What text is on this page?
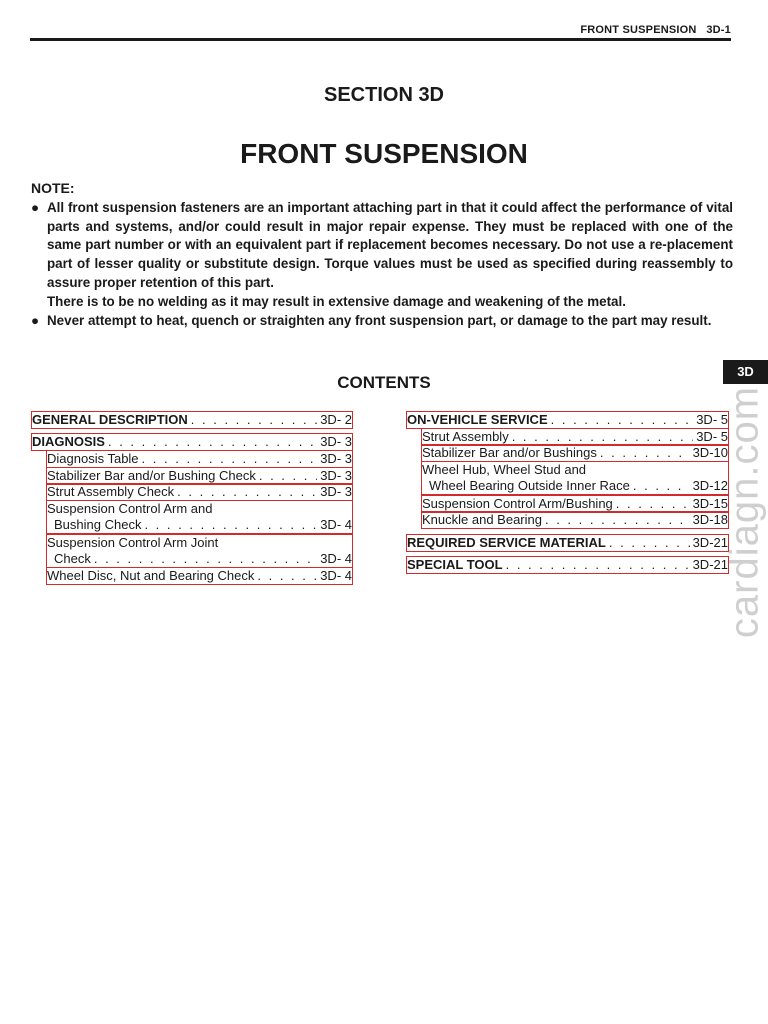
FRONT SUSPENSION   3D-1
SECTION 3D
FRONT SUSPENSION
NOTE:
● All front suspension fasteners are an important attaching part in that it could affect the performance of vital parts and systems, and/or could result in major repair expense. They must be replaced with one of the same part number or with an equivalent part if replacement becomes necessary. Do not use a re-placement part of lesser quality or substitute design. Torque values must be used as specified during reassembly to assure proper retention of this part.

There is to be no welding as it may result in extensive damage and weakening of the metal.

● Never attempt to heat, quench or straighten any front suspension part, or damage to the part may result.

3D
cardiagn.com
CONTENTS
GENERAL DESCRIPTION . . .	3D- 2
DIAGNOSIS . . .	3D- 3
Diagnosis Table . . .	3D- 3
Stabilizer Bar and/or Bushing Check . . .	3D- 3
Strut Assembly Check . . .	3D- 3
Suspension Control Arm and
Bushing Check . . .	3D- 4
Suspension Control Arm Joint
Check . . .	3D- 4
Wheel Disc, Nut and Bearing Check . . .	3D- 4
ON-VEHICLE SERVICE . . .	3D- 5
Strut Assembly . . .	3D- 5
Stabilizer Bar and/or Bushings . . .	3D-10
Wheel Hub, Wheel Stud and
Wheel Bearing Outside Inner Race . . .	3D-12
Suspension Control Arm/Bushing . . .	3D-15
Knuckle and Bearing . . .	3D-18
REQUIRED SERVICE MATERIAL . . .	3D-21
SPECIAL TOOL . . .	3D-21
